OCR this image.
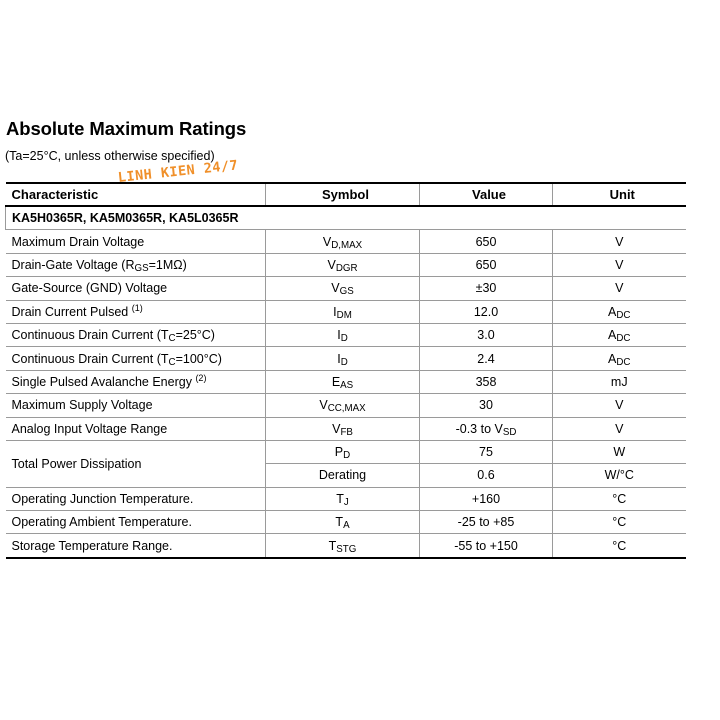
Absolute Maximum Ratings

(Ta=25°C, unless otherwise specified)

LINH KIEN 24/7
Characteristic	Symbol	Value	Unit
KA5H0365R, KA5M0365R, KA5L0365R			
Maximum Drain Voltage	$V_{D,MAX}$	650	V
Drain-Gate Voltage $(R_{GS}=1M\Omega)$	$V_{DGR}$	650	V
Gate-Source (GND) Voltage	$V_{GS}$	±30	V
Drain Current Pulsed $^{(1)}$	$I_{DM}$	12.0	$A_{DC}$
Continuous Drain Current $(T_C=25^\circ C)$	$I_D$	3.0	$A_{DC}$
Continuous Drain Current $(T_C=100^\circ C)$	$I_D$	2.4	$A_{DC}$
Single Pulsed Avalanche Energy $^{(2)}$	$E_{AS}$	358	mJ
Maximum Supply Voltage	$V_{CC,MAX}$	30	V
Analog Input Voltage Range	$V_{FB}$	-0.3 to $V_{SD}$	V
Total Power Dissipation	$P_D$	75	W
	Derating	0.6	W/°C
Operating Junction Temperature.	$T_J$	+160	°C
Operating Ambient Temperature.	$T_A$	-25 to +85	°C
Storage Temperature Range.	$T_{STG}$	-55 to +150	°C
